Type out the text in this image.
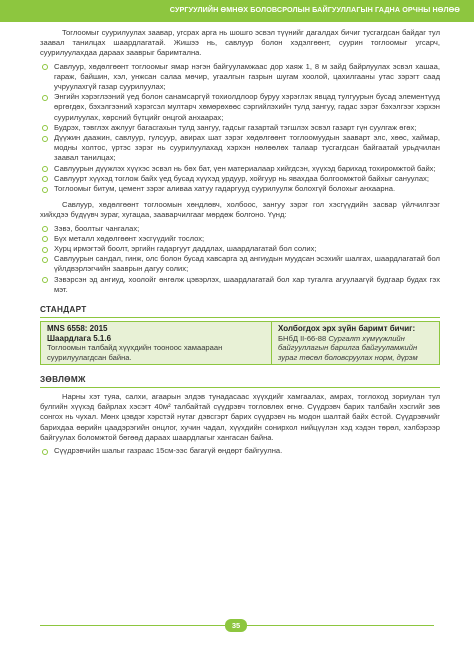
СУРГУУЛИЙН ӨМНӨХ БОЛОВСРОЛЫН БАЙГУУЛЛАГЫН ГАДНА ОРЧНЫ НӨЛӨӨ

Тоглоомыг суурилуулах заавар, угсрах арга нь шошго эсвэл түүнийг дагалдах бичиг тусгагдсан байдаг тул заавал танилцах шаардлагатай. Жишээ нь, савлуур болон хэдэлгөөнт, суурин тоглоомыг угсарч, суурилуулахдаа дараах зааврыг баримтална.

Савлуур, хөдөлгөөнт тоглоомыг ямар нэгэн байгууламжаас дор хаяж 1, 8 м зайд байрлуулах эсвэл хашаа, гараж, байшин, хэл, унжсан салаа мөчир, угаалгын газрын шугам хоолой, цахилгааны утас зэрэгт саад учруулахгүй газар суурилуулах;
Энгийн хэрэглээний үед болон санамсаргүй тохиолдлоор буруу хэрэглэх явцад тулгуурын бусад элементүүд өргөгдөх, бэхэлгээний хэрэгсэл мултарч хөмөрөхөөс сэргийлэхийн тулд зангуу, гадас зэрэг бэхэлгээг хэрхэн суурилуулах, хөрсний бүтцийг онцгой анхаарах;
Будрэх, тэвглэх ажлууг багасгахын тулд зангуу, гадсыг газартай тэгшлэх эсвэл газарт гүн суулгаж өгөх;
Дүүжин даажин, савлуур, гулсуур, авирах шат зэрэг хөдөлгөөнт тоглоомуудын зааварт элс, хөөс, хаймар, модны холтос, үртэс зэрэг нь суурилуулахад хэрхэн нөлөөлөх талаар тусгагдсан байгаатай урьдчилан заавал танилцах;
Савлуурын дүүжлэх хүүхэс эсвэл нь бөх бат, үен материалаар хийгдсэн, хүүхэд барихад тохиромжтой байх;
Савлуурт хүүхэд тоглож байх үед бусад хүүхэд урдуур, хойгуур нь явахдаа болгоомжтой байхыг сануулах;
Тоглоомыг битум, цемент зэрэг аливаа хатуу гадаргууд суурилуулж болохгүй болохыг анхаарна.

Савлуур, хөдөлгөөнт тоглоомын хөндлөвч, холбоос, зангуу зэрэг гол хэсгүүдийн засвар үйлчилгээг хийхдээ бүдүүвч зураг, хугацаа, зааварчилгааг мөрдөж болгоно. Үүнд:

Зэвэ, боолтыг чангалах;
Бүх металл хөдөлгөөнт хэсгүүдийг тослох;
Хурц ирмэгтэй боолт, эргийн гадаргуут даддлах, шаардлагатай бол солих;
Савлуурын сандал, гинж, олс болон бусад хавсарга эд ангиудын муудсан эсэхийг шалгах, шаардлагатай бол үйлдвэрлэгчийн зааврын дагуу солих;
Зэвэрсэн эд ангиуд, хоолойг өнгөлж цэвэрлэх, шаардлагатай бол хар тугалга агуулаагүй будгаар будах гэх мэт.
СТАНДАРТ
MNS 6558: 2015
Шаардлага 5.1.6
Тоглоомын талбайд хүүхдийн тооноос хамаараан суурилуулагдсан байна.
Холбогдох эрх зүйн баримт бичиг:
БНбД II-66-88 Сургалт хүмүүжлийн байгууллагын барилга байгууламжийн зураг төсөл боловсруулах норм, дүрэм
ЗӨВЛӨМЖ

Нарны хэт туяа, салхи, агаарын элдэв тунадасаас хүүхдийг хамгаалах, амрах, тоглоход зориулан тул булгийн хүүхэд байрлах хэсэгт 40м² талбайтай сүүдрэвч тогловлөх өгнө. Сүүдрэвч барих талбайн хэсгийг зөв сонгох нь чухал. Мөнх цэвдэг хэрстэй нутаг дэвсгэрт барих сүүдрэвч нь модон шалтай байх ёстой. Сүүдрэвчийг барихдаа өөрийн цаадэрэгийн онцлог, хучин чадал, хүүхдийн сонирхол нийцүүлэн хэд хэдэн төрөл, хэлбэрээр байгуулах боломжтой бөгөөд дараах шаардлагыг хангасан байна.

Сүүдрэвчийн шалыг газраас 15см-ээс багагүй өндөрт байгуулна.
35
